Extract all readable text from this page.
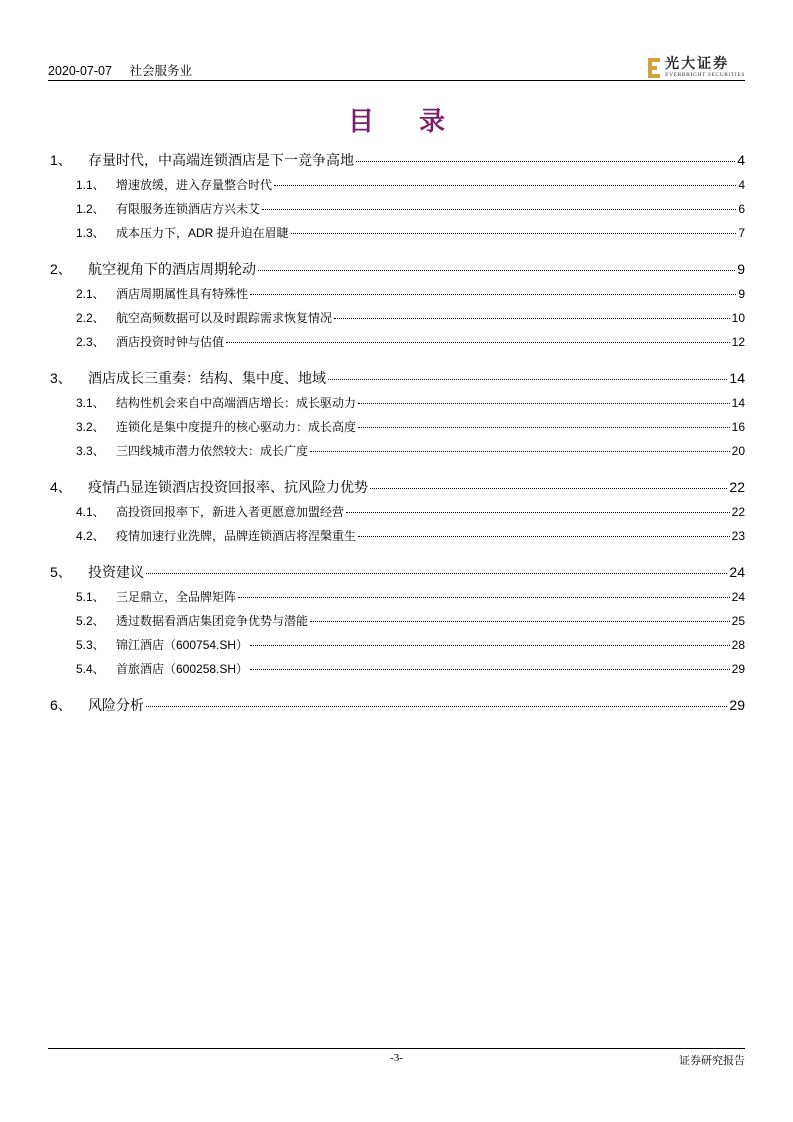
2020-07-07 社会服务业	光大证券
EVERBRIGHT SECURITIES
目 录
1、	存量时代，中高端连锁酒店是下一竞争高地	4
1.1、 增速放缓，进入存量整合时代	4
1.2、 有限服务连锁酒店方兴未艾	6
1.3、 成本压力下，ADR 提升迫在眉睫	7
2、	航空视角下的酒店周期轮动	9
2.1、 酒店周期属性具有特殊性	9
2.2、 航空高频数据可以及时跟踪需求恢复情况	10
2.3、 酒店投资时钟与估值	12
3、	酒店成长三重奏：结构、集中度、地域	14
3.1、 结构性机会来自中高端酒店增长：成长驱动力	14
3.2、 连锁化是集中度提升的核心驱动力：成长高度	16
3.3、 三四线城市潜力依然较大：成长广度	20
4、	疫情凸显连锁酒店投资回报率、抗风险力优势	22
4.1、 高投资回报率下，新进入者更愿意加盟经营	22
4.2、 疫情加速行业洗牌，品牌连锁酒店将涅槃重生	23
5、	投资建议	24
5.1、 三足鼎立，全品牌矩阵	24
5.2、 透过数据看酒店集团竞争优势与潜能	25
5.3、 锦江酒店（600754.SH）	28
5.4、 首旅酒店（600258.SH）	29
6、	风险分析	29
-3-	证券研究报告
